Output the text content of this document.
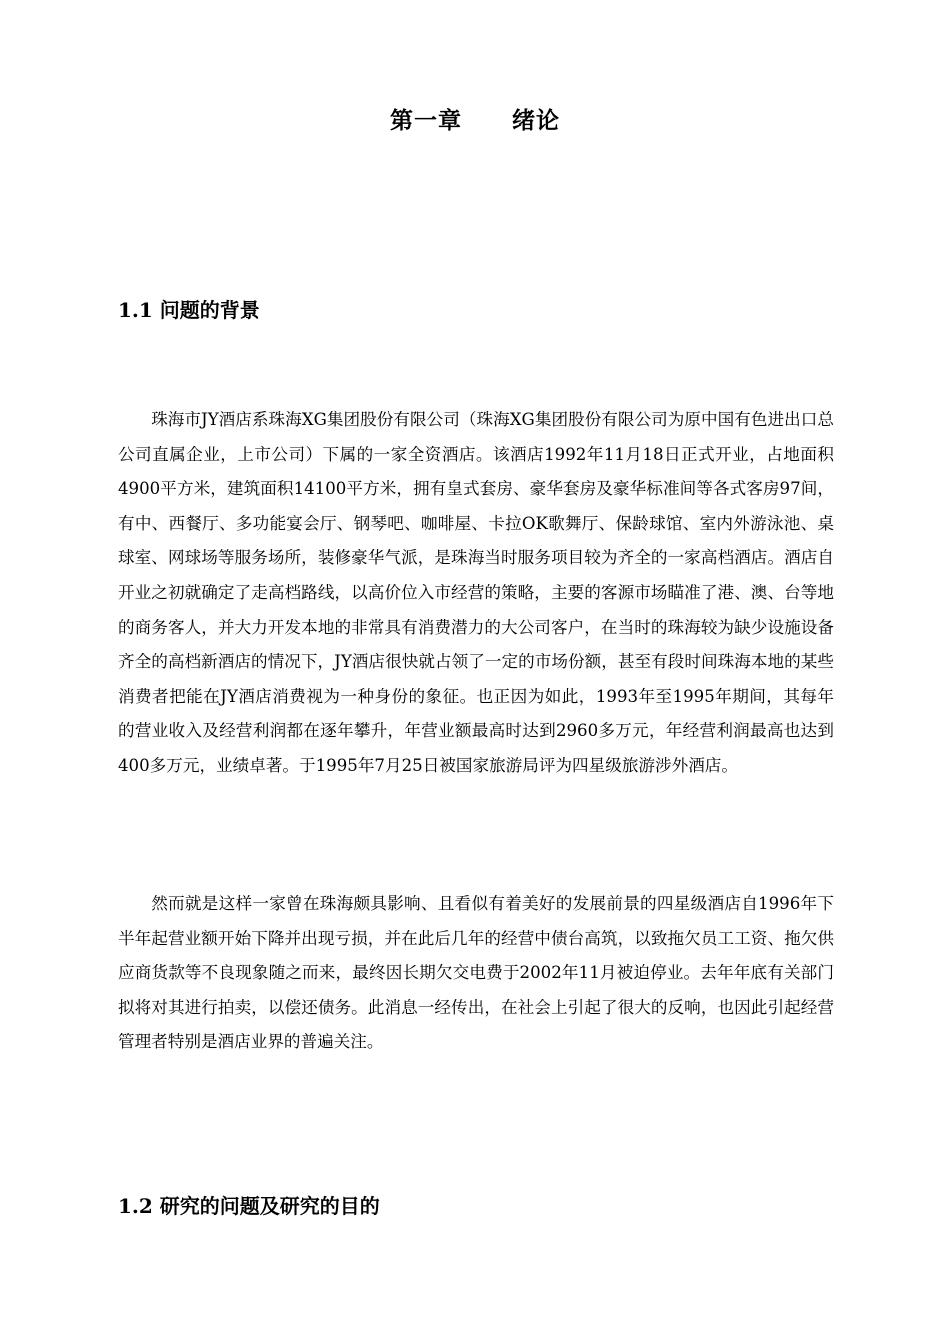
第一章 绪论
1.1 问题的背景

珠海市JY酒店系珠海XG集团股份有限公司（珠海XG集团股份有限公司为原中国有色进出口总公司直属企业，上市公司）下属的一家全资酒店。该酒店1992年11月18日正式开业，占地面积4900平方米，建筑面积14100平方米，拥有皇式套房、豪华套房及豪华标准间等各式客房97间，有中、西餐厅、多功能宴会厅、钢琴吧、咖啡屋、卡拉OK歌舞厅、保龄球馆、室内外游泳池、桌球室、网球场等服务场所，装修豪华气派，是珠海当时服务项目较为齐全的一家高档酒店。酒店自开业之初就确定了走高档路线，以高价位入市经营的策略，主要的客源市场瞄准了港、澳、台等地的商务客人，并大力开发本地的非常具有消费潜力的大公司客户，在当时的珠海较为缺少设施设备齐全的高档新酒店的情况下，JY酒店很快就占领了一定的市场份额，甚至有段时间珠海本地的某些消费者把能在JY酒店消费视为一种身份的象征。也正因为如此，1993年至1995年期间，其每年的营业收入及经营利润都在逐年攀升，年营业额最高时达到2960多万元，年经营利润最高也达到400多万元，业绩卓著。于1995年7月25日被国家旅游局评为四星级旅游涉外酒店。

然而就是这样一家曾在珠海颇具影响、且看似有着美好的发展前景的四星级酒店自1996年下半年起营业额开始下降并出现亏损，并在此后几年的经营中债台高筑，以致拖欠员工工资、拖欠供应商货款等不良现象随之而来，最终因长期欠交电费于2002年11月被迫停业。去年年底有关部门拟将对其进行拍卖，以偿还债务。此消息一经传出，在社会上引起了很大的反响，也因此引起经营管理者特别是酒店业界的普遍关注。

1.2 研究的问题及研究的目的
